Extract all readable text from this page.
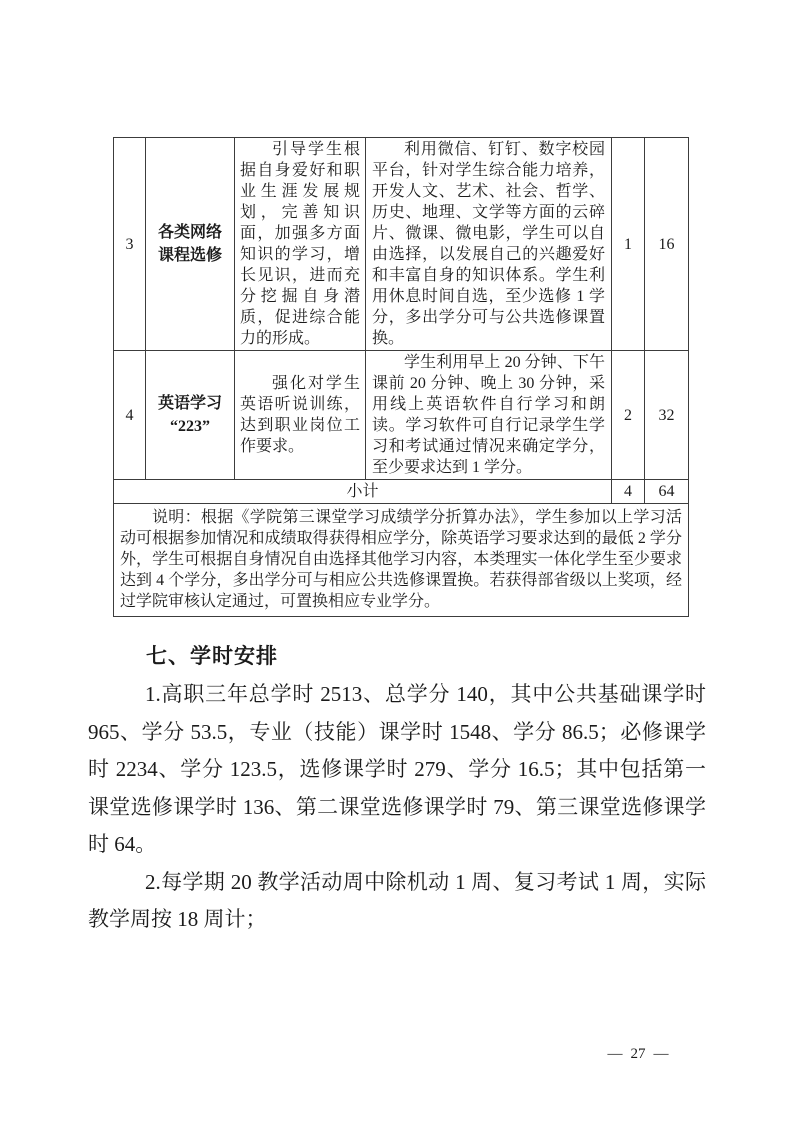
3	各类网络课程选修	引导学生根据自身爱好和职业生涯发展规划，完善知识面，加强多方面知识的学习，增长见识，进而充分挖掘自身潜质，促进综合能力的形成。	利用微信、钉钉、数字校园平台，针对学生综合能力培养，开发人文、艺术、社会、哲学、历史、地理、文学等方面的云碎片、微课、微电影，学生可以自由选择，以发展自己的兴趣爱好和丰富自身的知识体系。学生利用休息时间自选，至少选修 1 学分，多出学分可与公共选修课置换。	1	16
4	英语学习“223”	强化对学生英语听说训练，达到职业岗位工作要求。	学生利用早上 20 分钟、下午课前 20 分钟、晚上 30 分钟，采用线上英语软件自行学习和朗读。学习软件可自行记录学生学习和考试通过情况来确定学分，至少要求达到 1 学分。	2	32
小计				4	64

说明：根据《学院第三课堂学习成绩学分折算办法》，学生参加以上学习活动可根据参加情况和成绩取得获得相应学分，除英语学习要求达到的最低 2 学分外，学生可根据自身情况自由选择其他学习内容，本类理实一体化学生至少要求达到 4 个学分，多出学分可与相应公共选修课置换。若获得部省级以上奖项，经过学院审核认定通过，可置换相应专业学分。					
七、学时安排

1.高职三年总学时 2513、总学分 140，其中公共基础课学时 965、学分 53.5，专业（技能）课学时 1548、学分 86.5；必修课学时 2234、学分 123.5，选修课学时 279、学分 16.5；其中包括第一课堂选修课学时 136、第二课堂选修课学时 79、第三课堂选修课学时 64。

2.每学期 20 教学活动周中除机动 1 周、复习考试 1 周，实际教学周按 18 周计；

— 27 —
